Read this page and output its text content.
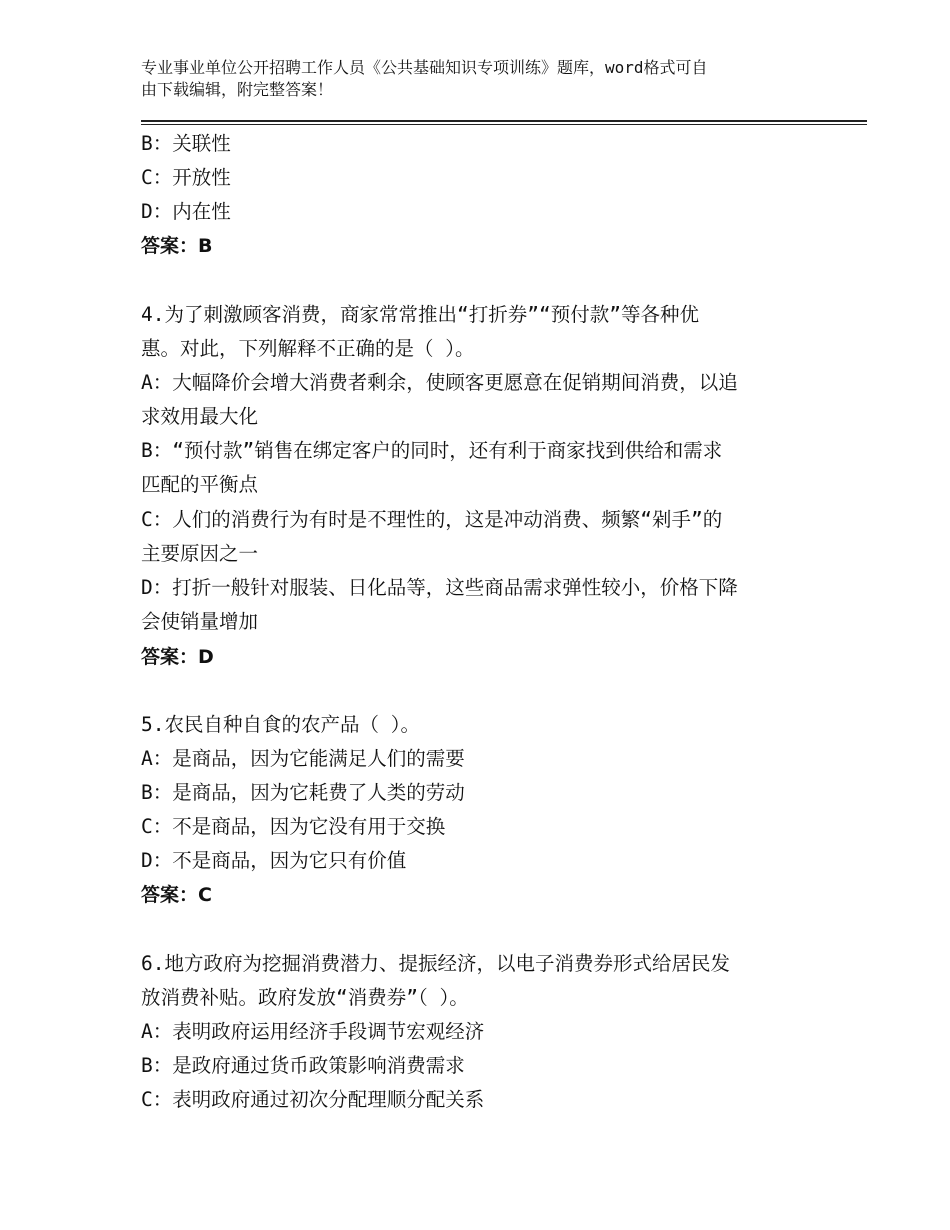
专业事业单位公开招聘工作人员《公共基础知识专项训练》题库，word格式可自
由下载编辑，附完整答案！
B：关联性
C：开放性
D：内在性
答案：B
4.为了刺激顾客消费，商家常常推出“打折券”“预付款”等各种优
惠。对此，下列解释不正确的是（ ）。
A：大幅降价会增大消费者剩余，使顾客更愿意在促销期间消费，以追
求效用最大化
B：“预付款”销售在绑定客户的同时，还有利于商家找到供给和需求
匹配的平衡点
C：人们的消费行为有时是不理性的，这是冲动消费、频繁“剁手”的
主要原因之一
D：打折一般针对服装、日化品等，这些商品需求弹性较小，价格下降
会使销量增加
答案：D
5.农民自种自食的农产品（ ）。
A：是商品，因为它能满足人们的需要
B：是商品，因为它耗费了人类的劳动
C：不是商品，因为它没有用于交换
D：不是商品，因为它只有价值
答案：C
6.地方政府为挖掘消费潜力、提振经济，以电子消费券形式给居民发
放消费补贴。政府发放“消费券”（ ）。
A：表明政府运用经济手段调节宏观经济
B：是政府通过货币政策影响消费需求
C：表明政府通过初次分配理顺分配关系
